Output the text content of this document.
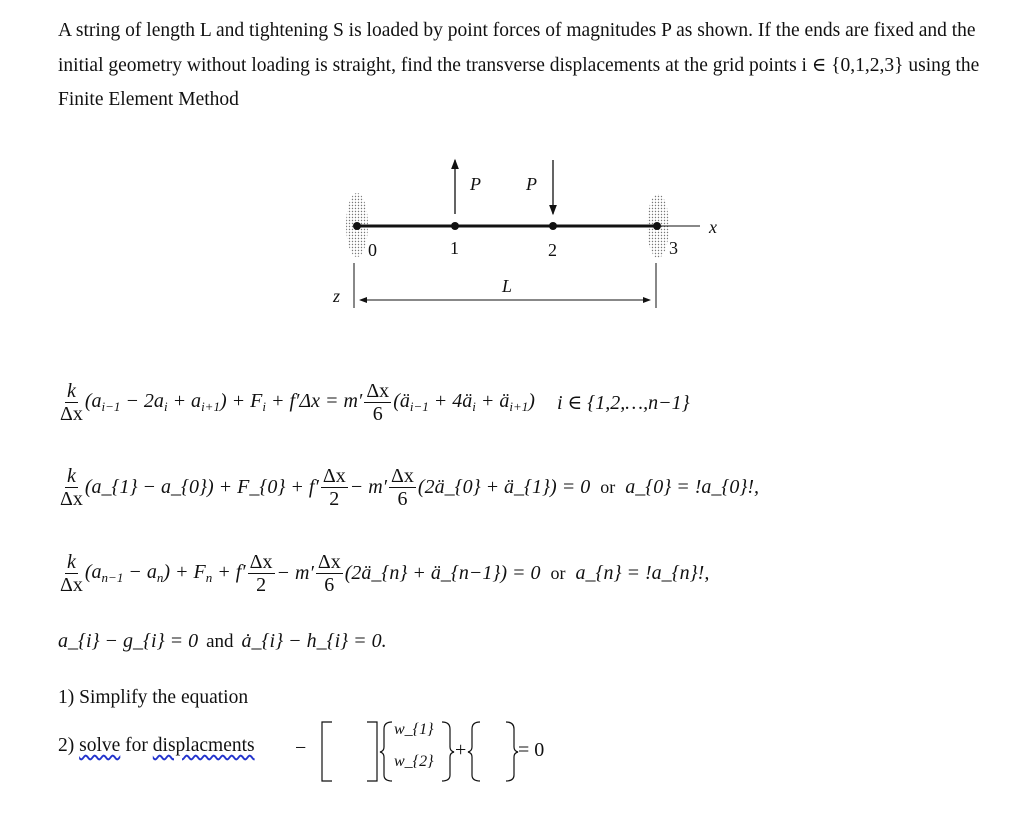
A string of length L and tightening S is loaded by point forces of magnitudes P as shown. If the ends are fixed and the initial geometry without loading is straight, find the transverse displacements at the grid points i ∈ {0,1,2,3} using the Finite Element Method
P	P
0	1	2	3
x
z	L
$\frac{k}{\Delta x} (a_{i-1} - 2a_i + a_{i+1}) + F_i + f'\Delta x = m' \frac{\Delta x}{6}$ ($ä_{i-1}$ + $4ä_i$ + $ä_{i+1}$) i ∈ {1,2,…,n−1}
$\frac{k}{\Delta x}$ (a_{1} − a_{0}) + F_{0} + $f' \frac{\Delta x}{2} - m' \frac{\Delta x}{6}$ (2ä_{0} + ä_{1}) = 0 or a_{0} = !a_{0}!,
$\frac{k}{\Delta x} (a_{n-1} - a_n) + F_n + f' \frac{\Delta x}{2} - m' \frac{\Delta x}{6}$ (2ä_{n} + ä_{n−1}) = 0 or a_{n} = !a_{n}!,
a_{i} − g_{i} = 0 and ȧ_{i} − h_{i} = 0.
1) Simplify the equation
2) solve for displacments −
w_{1}
w_{2}
+	= 0
